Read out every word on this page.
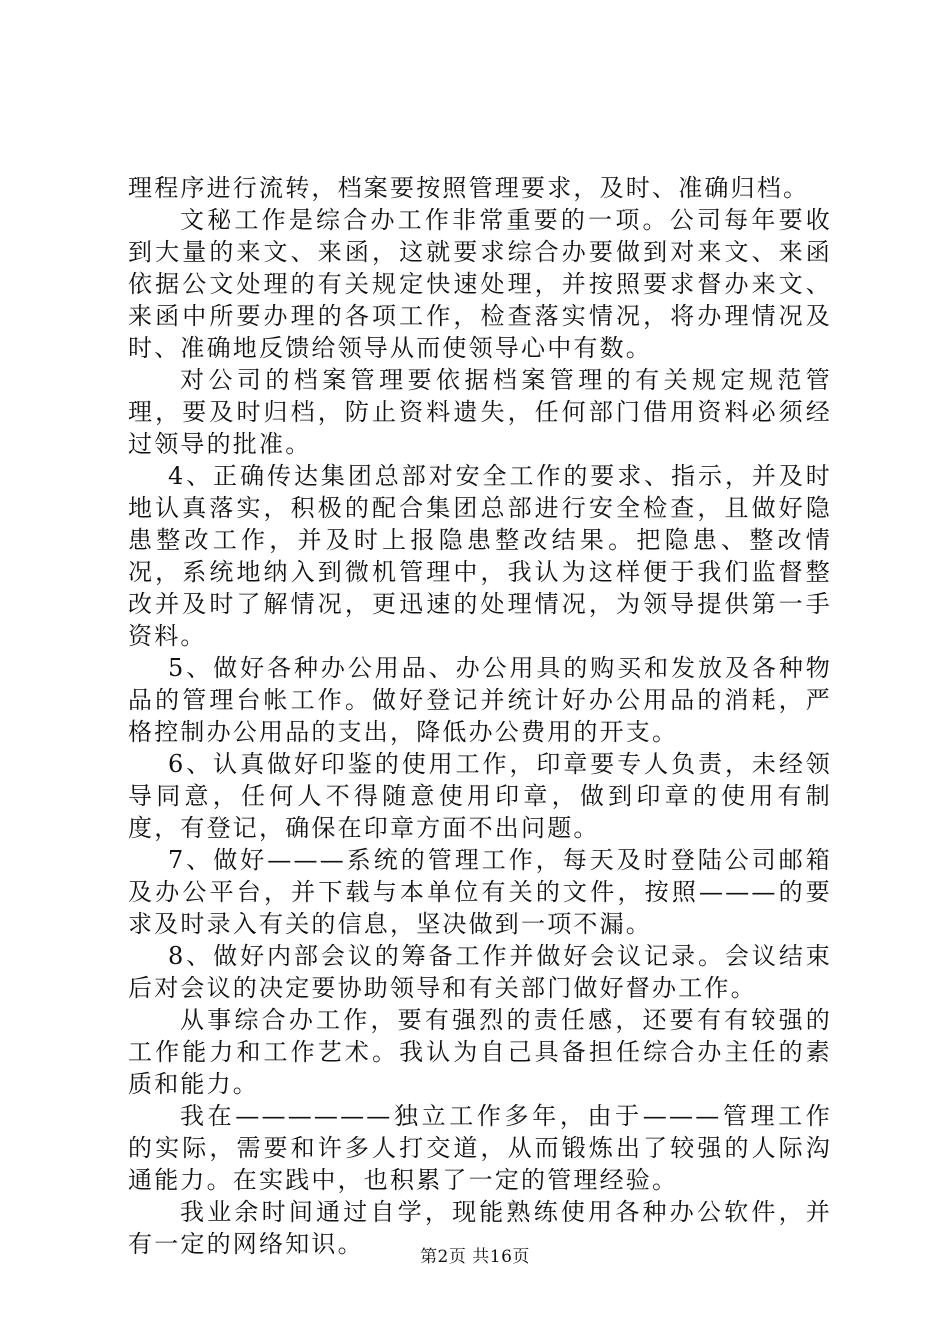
理程序进行流转，档案要按照管理要求，及时、准确归档。

文秘工作是综合办工作非常重要的一项。公司每年要收到大量的来文、来函，这就要求综合办要做到对来文、来函依据公文处理的有关规定快速处理，并按照要求督办来文、来函中所要办理的各项工作，检查落实情况，将办理情况及时、准确地反馈给领导从而使领导心中有数。

对公司的档案管理要依据档案管理的有关规定规范管理，要及时归档，防止资料遗失，任何部门借用资料必须经过领导的批准。

4、正确传达集团总部对安全工作的要求、指示，并及时地认真落实，积极的配合集团总部进行安全检查，且做好隐患整改工作，并及时上报隐患整改结果。把隐患、整改情况，系统地纳入到微机管理中，我认为这样便于我们监督整改并及时了解情况，更迅速的处理情况，为领导提供第一手资料。

5、做好各种办公用品、办公用具的购买和发放及各种物品的管理台帐工作。做好登记并统计好办公用品的消耗，严格控制办公用品的支出，降低办公费用的开支。

6、认真做好印鉴的使用工作，印章要专人负责，未经领导同意，任何人不得随意使用印章，做到印章的使用有制度，有登记，确保在印章方面不出问题。

7、做好———系统的管理工作，每天及时登陆公司邮箱及办公平台，并下载与本单位有关的文件，按照———的要求及时录入有关的信息，坚决做到一项不漏。

8、做好内部会议的筹备工作并做好会议记录。会议结束后对会议的决定要协助领导和有关部门做好督办工作。

从事综合办工作，要有强烈的责任感，还要有有较强的工作能力和工作艺术。我认为自己具备担任综合办主任的素质和能力。

我在——————独立工作多年，由于———管理工作的实际，需要和许多人打交道，从而锻炼出了较强的人际沟通能力。在实践中，也积累了一定的管理经验。

我业余时间通过自学，现能熟练使用各种办公软件，并有一定的网络知识。	第2页 共16页
